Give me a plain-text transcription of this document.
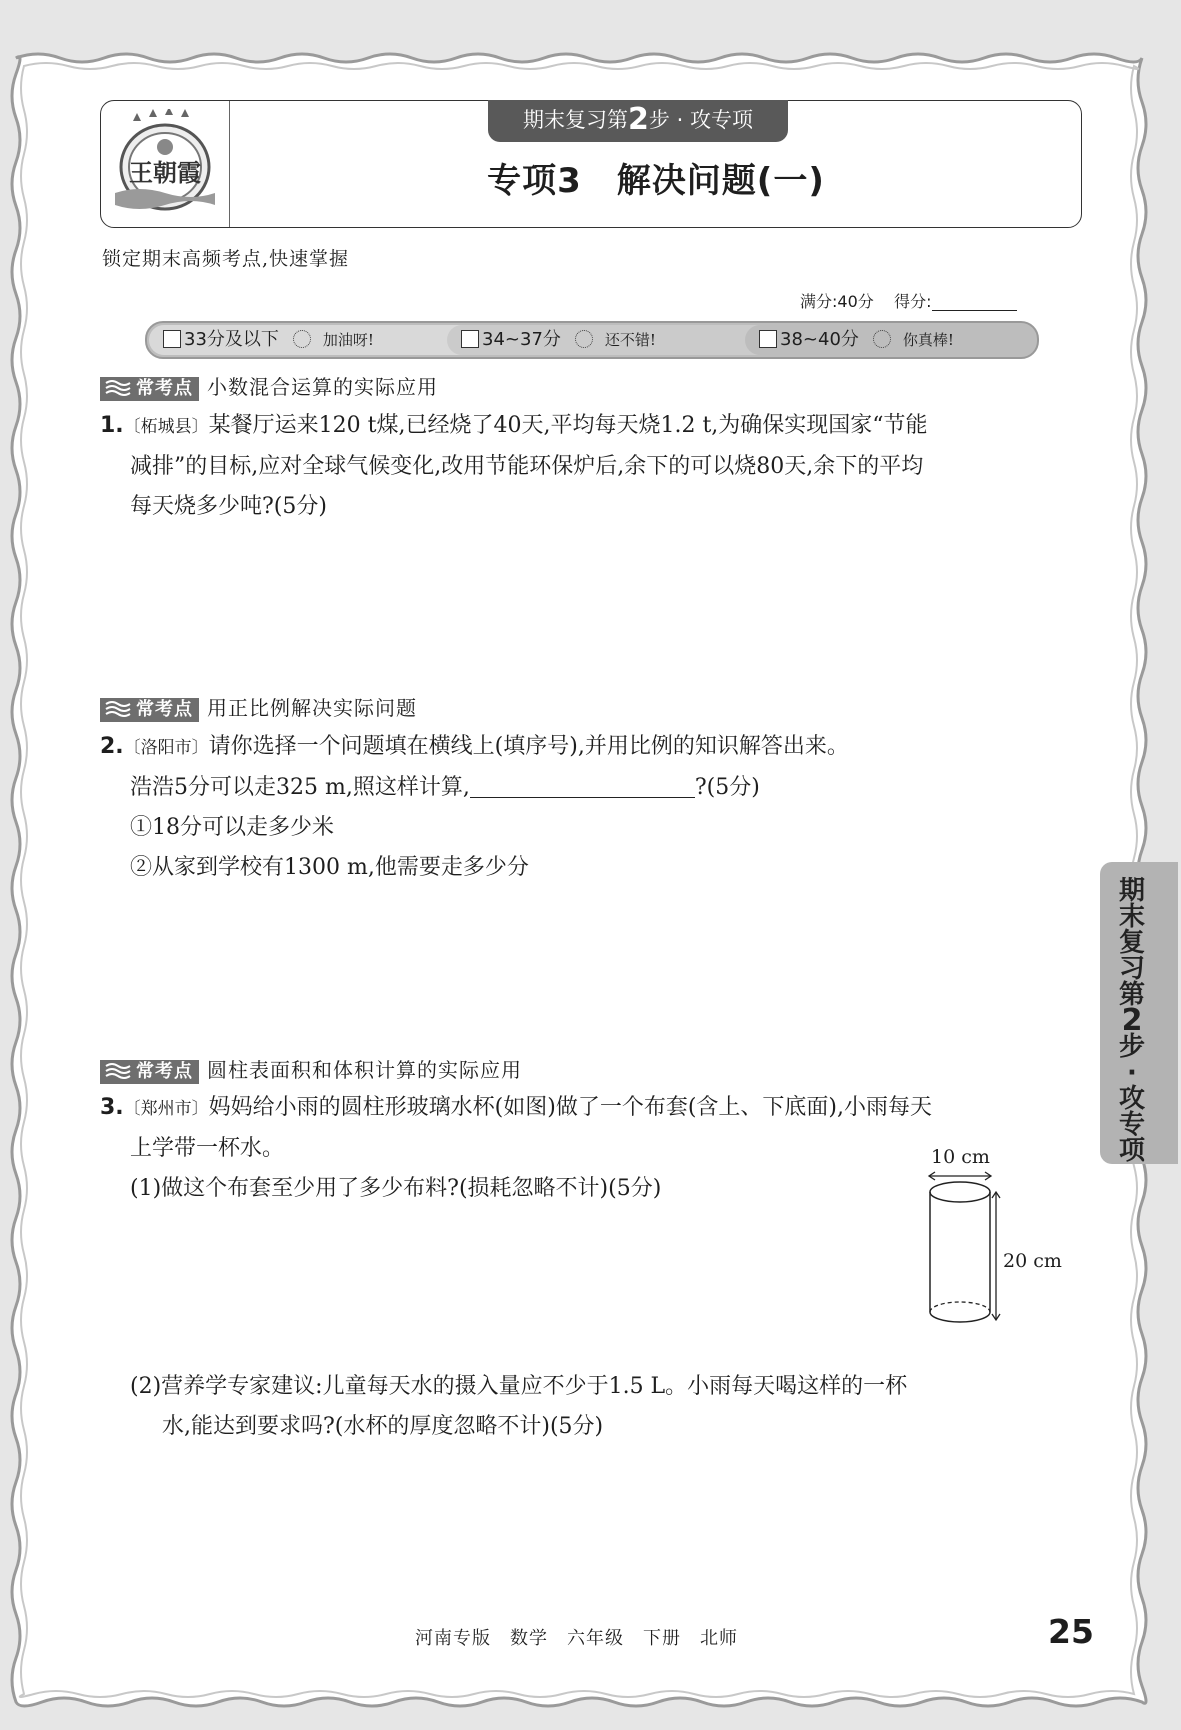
王朝霞
期末复习第2步 · 攻专项
专项3　解决问题(一)
锁定期末高频考点,快速掌握
满分:40分 得分:
33分及以下	加油呀!	34~37分	还不错!	38~40分	你真棒!
常考点 小数混合运算的实际应用
1.〔柘城县〕某餐厅运来120 t煤,已经烧了40天,平均每天烧1.2 t,为确保实现国家“节能
减排”的目标,应对全球气候变化,改用节能环保炉后,余下的可以烧80天,余下的平均
每天烧多少吨?(5分)
常考点 用正比例解决实际问题
2.〔洛阳市〕请你选择一个问题填在横线上(填序号),并用比例的知识解答出来。
浩浩5分可以走325 m,照这样计算,	?(5分)
①18分可以走多少米
②从家到学校有1300 m,他需要走多少分
常考点 圆柱表面积和体积计算的实际应用
3.〔郑州市〕妈妈给小雨的圆柱形玻璃水杯(如图)做了一个布套(含上、下底面),小雨每天
上学带一杯水。
(1)做这个布套至少用了多少布料?(损耗忽略不计)(5分)
(2)营养学专家建议:儿童每天水的摄入量应不少于1.5 L。小雨每天喝这样的一杯
水,能达到要求吗?(水杯的厚度忽略不计)(5分)
10 cm
20 cm
期
末
复
习
第
2
步
·
攻
专
项
河南专版　数学　六年级　下册　北师	25
